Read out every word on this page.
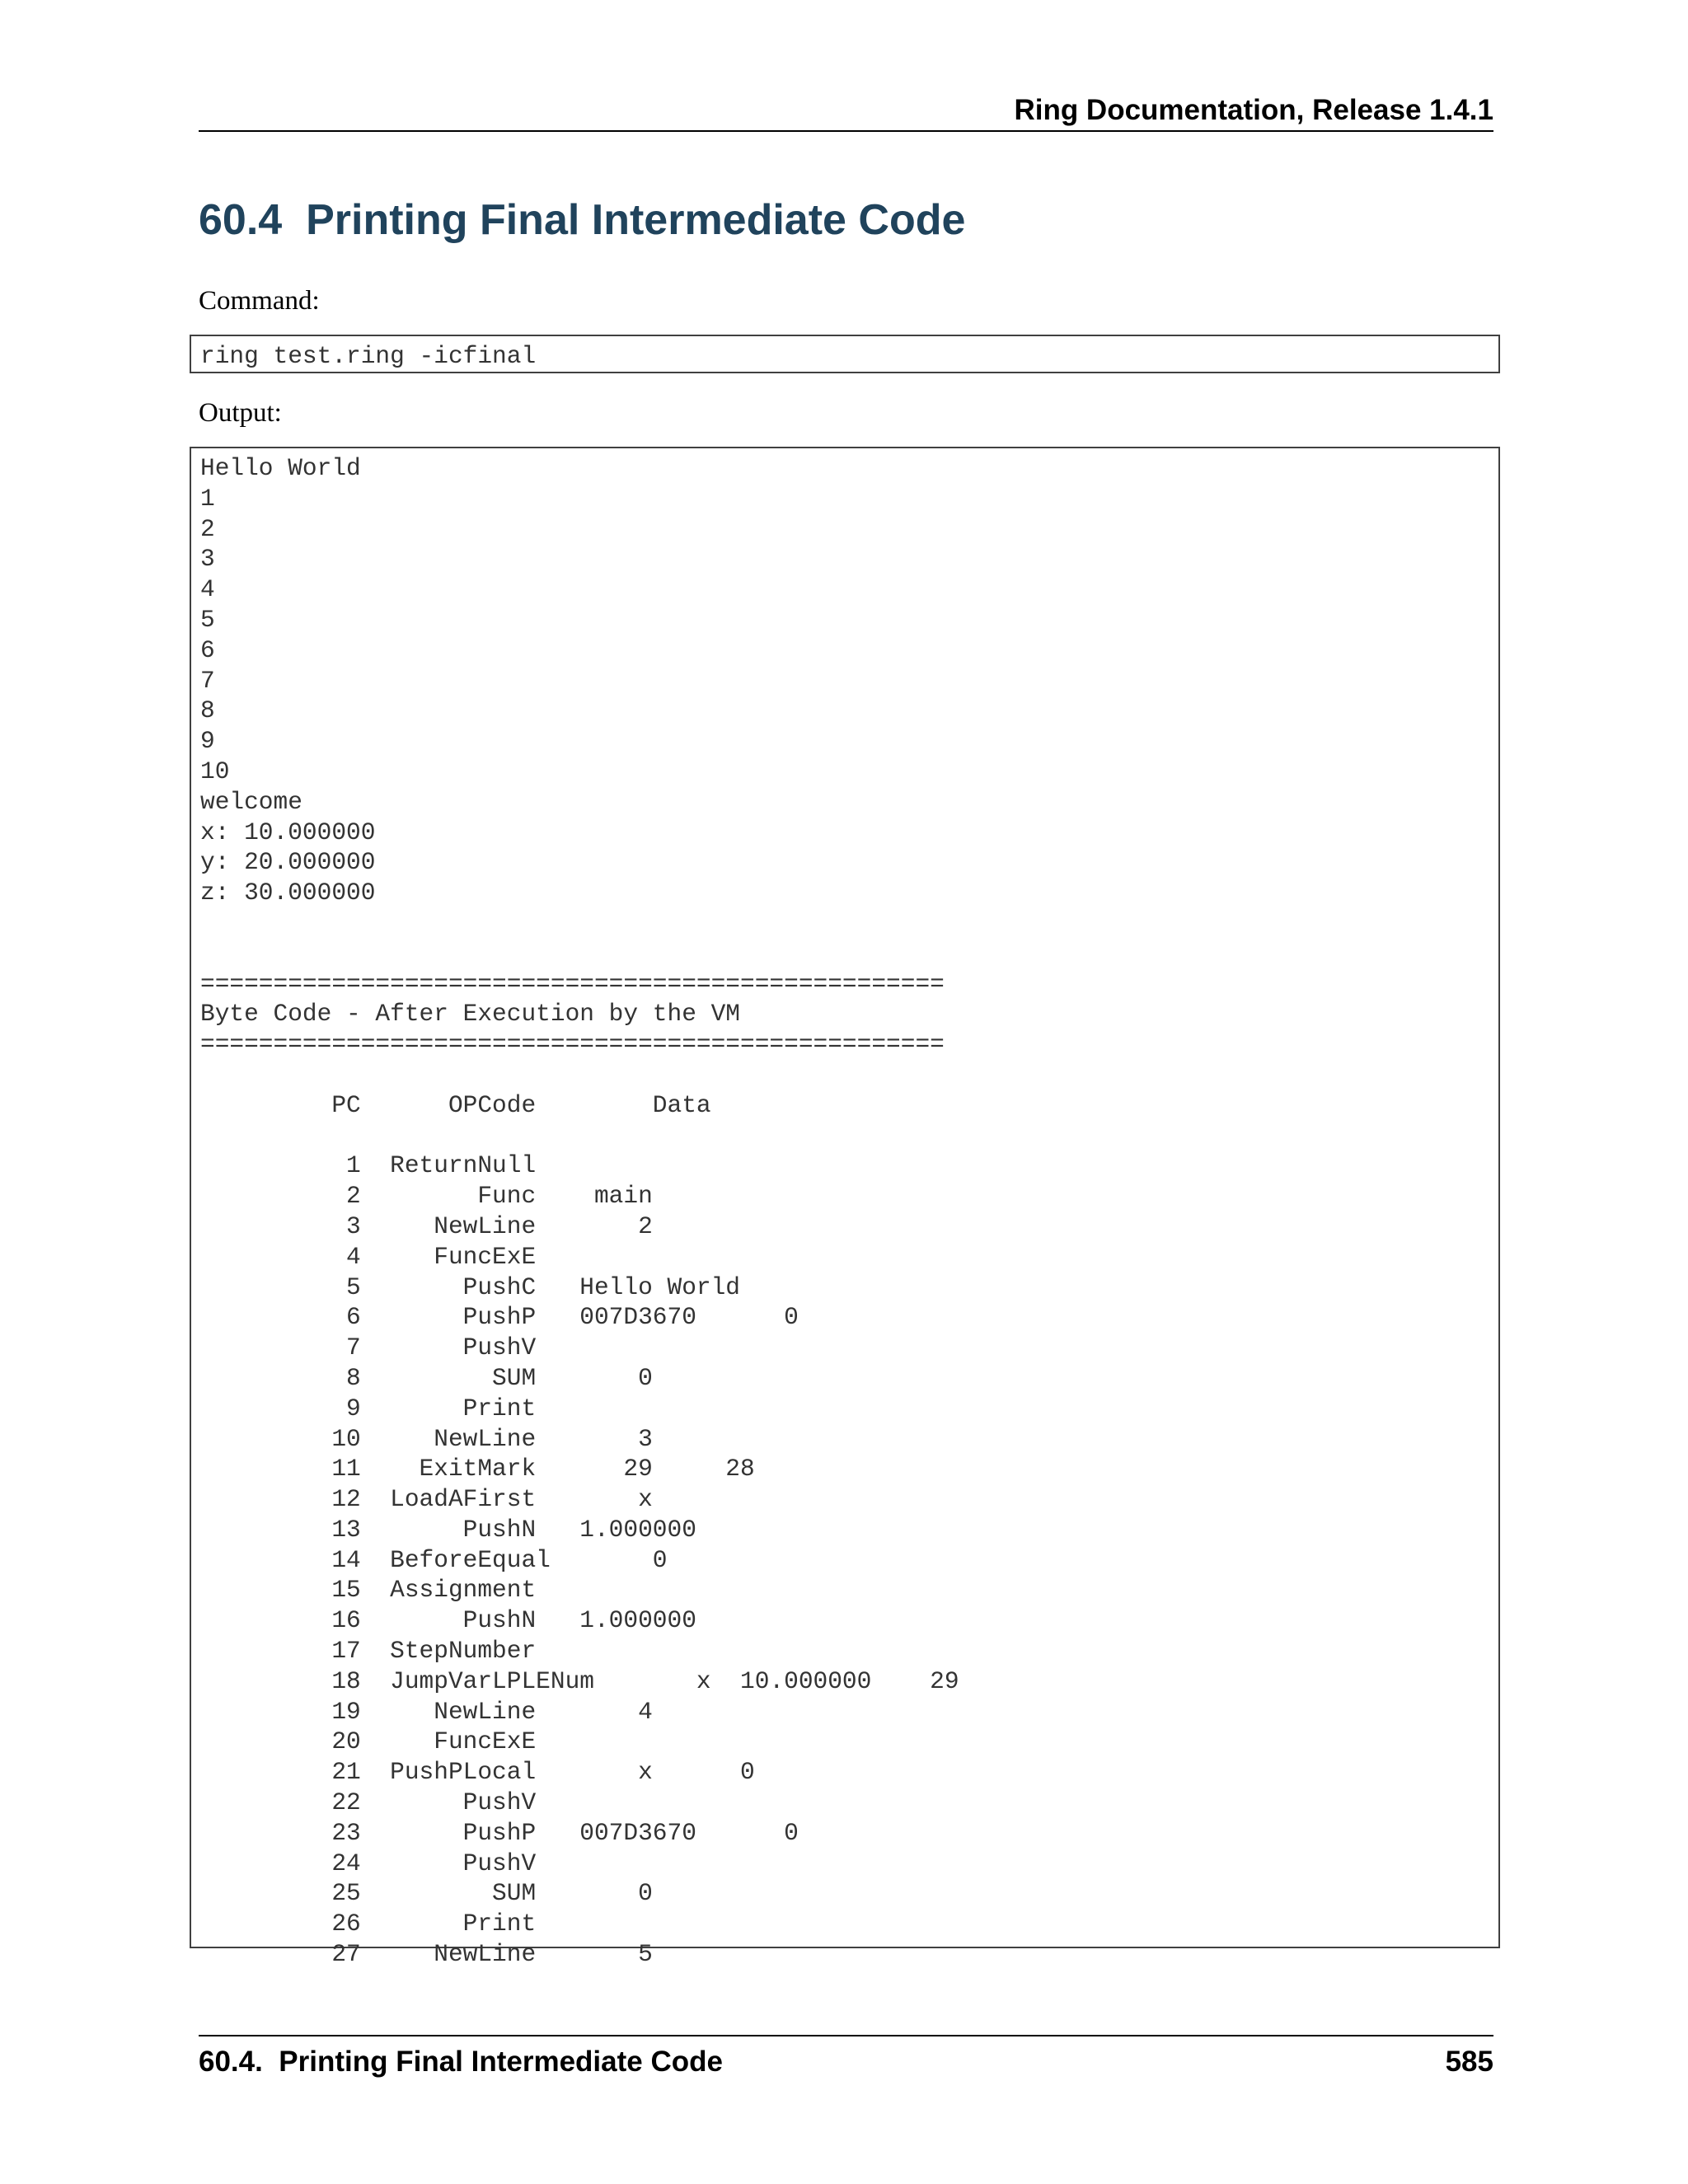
Ring Documentation, Release 1.4.1
60.4  Printing Final Intermediate Code
Command:
ring test.ring -icfinal
Output:
Hello World
1
2
3
4
5
6
7
8
9
10
welcome
x: 10.000000
y: 20.000000
z: 30.000000

===================================================
Byte Code - After Execution by the VM
===================================================

PC      OPCode        Data

1  ReturnNull
2        Func    main
3     NewLine       2
4     FuncExE
5       PushC   Hello World
6       PushP   007D3670      0
7       PushV
8         SUM       0
9       Print
10     NewLine       3
11    ExitMark      29     28
12  LoadAFirst       x
13       PushN   1.000000
14  BeforeEqual       0
15  Assignment
16       PushN   1.000000
17  StepNumber
18  JumpVarLPLENum       x  10.000000    29
19     NewLine       4
20     FuncExE
21  PushPLocal       x      0
22       PushV
23       PushP   007D3670      0
24       PushV
25         SUM       0
26       Print
27     NewLine       5
60.4.  Printing Final Intermediate Code	585
